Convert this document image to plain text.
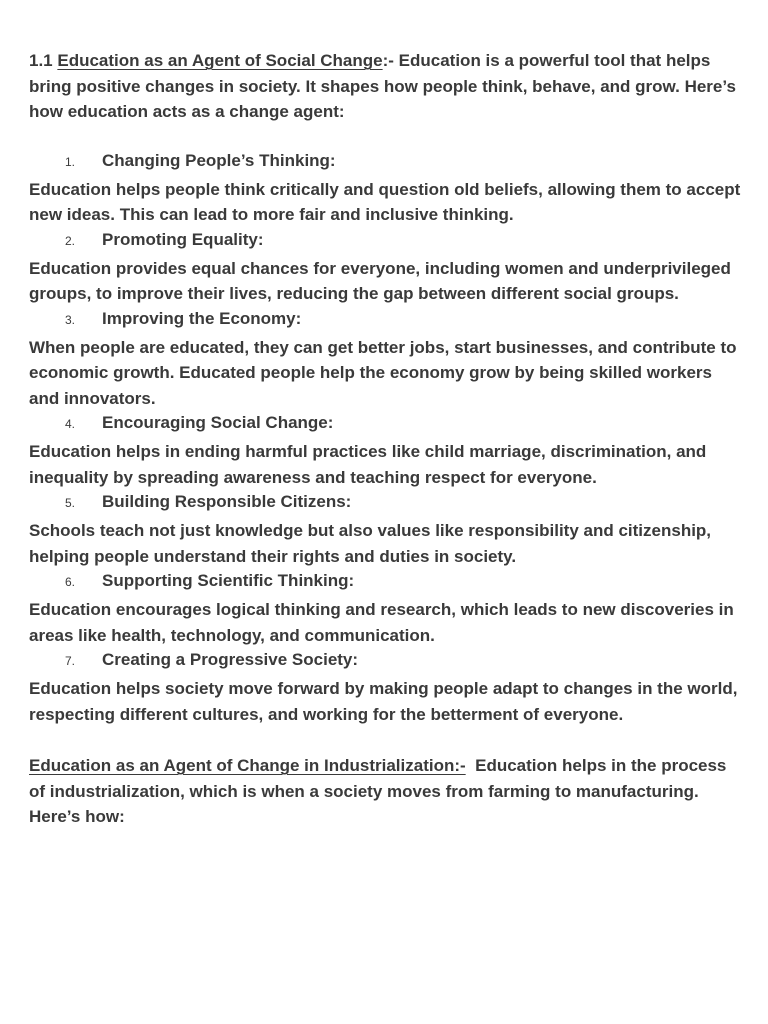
1.1 Education as an Agent of Social Change:- Education is a powerful tool that helps bring positive changes in society. It shapes how people think, behave, and grow. Here’s how education acts as a change agent:

1.	Changing People’s Thinking:

Education helps people think critically and question old beliefs, allowing them to accept new ideas. This can lead to more fair and inclusive thinking.

2.	Promoting Equality:

Education provides equal chances for everyone, including women and underprivileged groups, to improve their lives, reducing the gap between different social groups.

3.	Improving the Economy:

When people are educated, they can get better jobs, start businesses, and contribute to economic growth. Educated people help the economy grow by being skilled workers and innovators.

4.	Encouraging Social Change:

Education helps in ending harmful practices like child marriage, discrimination, and inequality by spreading awareness and teaching respect for everyone.

5.	Building Responsible Citizens:

Schools teach not just knowledge but also values like responsibility and citizenship, helping people understand their rights and duties in society.

6.	Supporting Scientific Thinking:

Education encourages logical thinking and research, which leads to new discoveries in areas like health, technology, and communication.

7.	Creating a Progressive Society:

Education helps society move forward by making people adapt to changes in the world, respecting different cultures, and working for the betterment of everyone.

Education as an Agent of Change in Industrialization:-  Education helps in the process of industrialization, which is when a society moves from farming to manufacturing. Here’s how:
